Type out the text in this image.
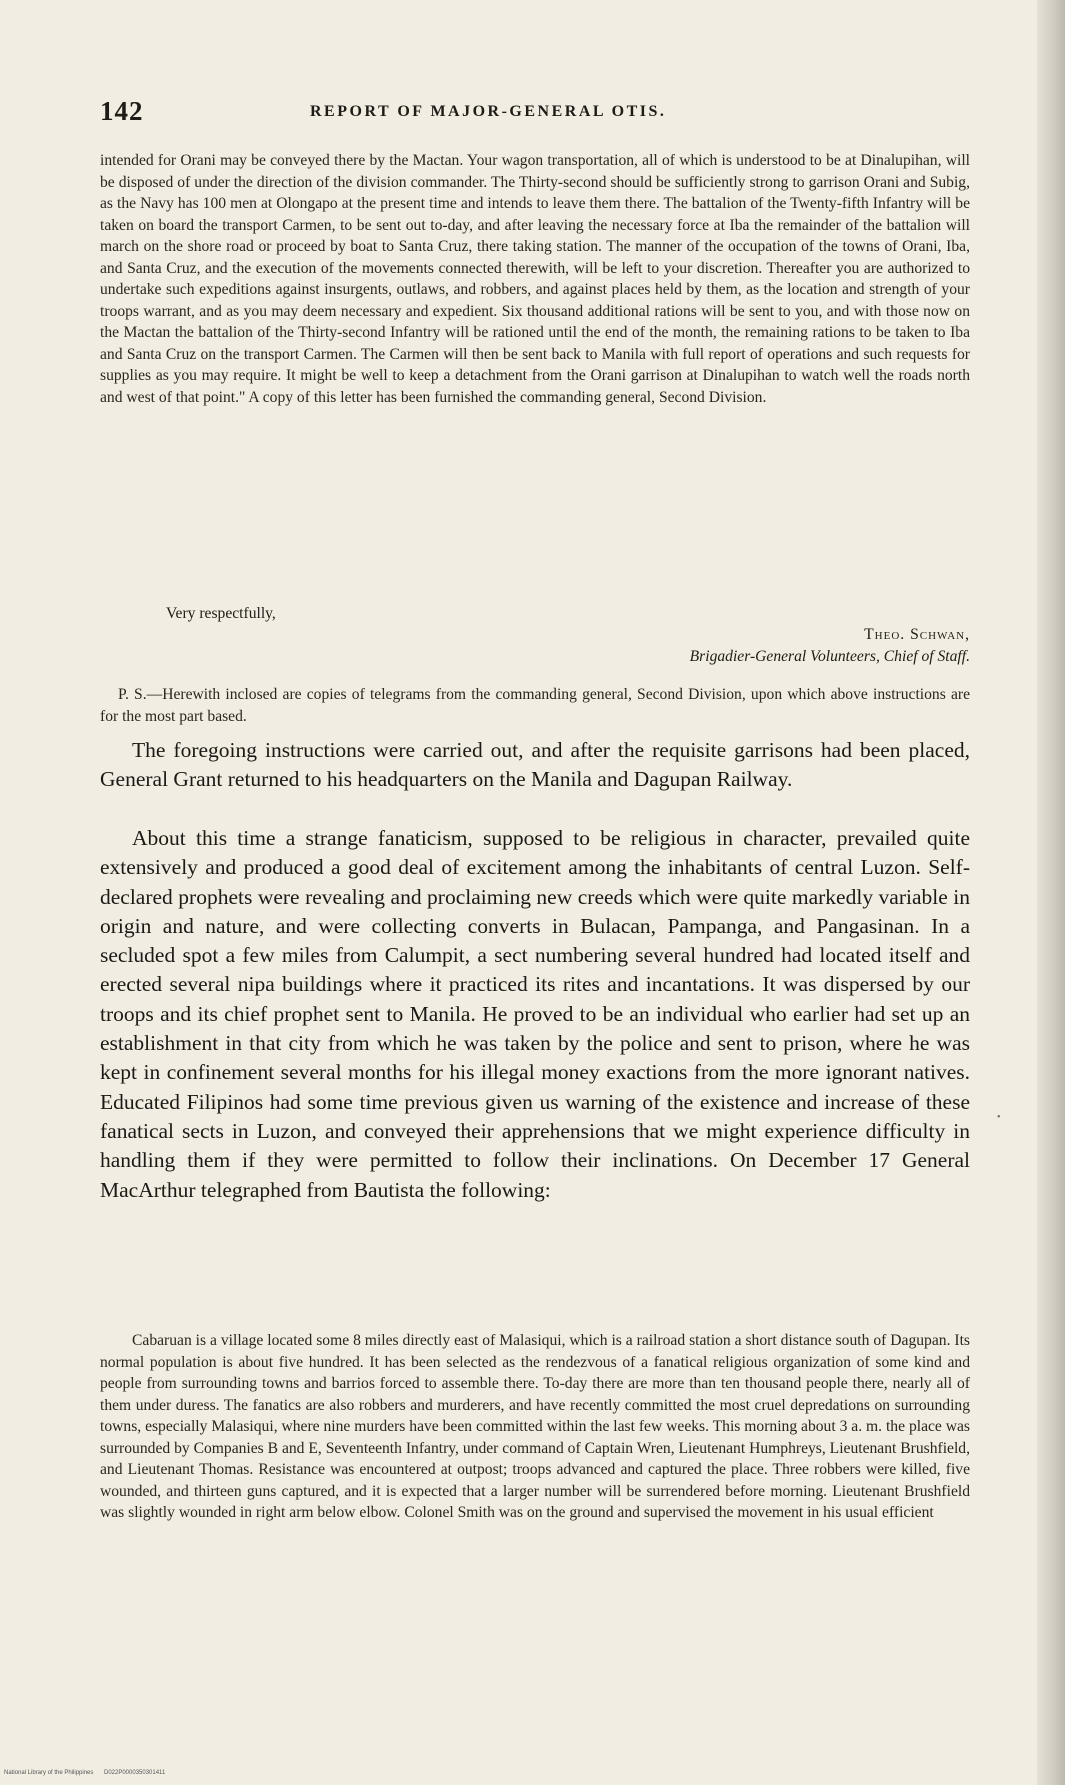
142	REPORT OF MAJOR-GENERAL OTIS.

intended for Orani may be conveyed there by the Mactan. Your wagon transportation, all of which is understood to be at Dinalupihan, will be disposed of under the direction of the division commander. The Thirty-second should be sufficiently strong to garrison Orani and Subig, as the Navy has 100 men at Olongapo at the present time and intends to leave them there. The battalion of the Twenty-fifth Infantry will be taken on board the transport Carmen, to be sent out to-day, and after leaving the necessary force at Iba the remainder of the battalion will march on the shore road or proceed by boat to Santa Cruz, there taking station. The manner of the occupation of the towns of Orani, Iba, and Santa Cruz, and the execution of the movements connected therewith, will be left to your discretion. Thereafter you are authorized to undertake such expeditions against insurgents, outlaws, and robbers, and against places held by them, as the location and strength of your troops warrant, and as you may deem necessary and expedient. Six thousand additional rations will be sent to you, and with those now on the Mactan the battalion of the Thirty-second Infantry will be rationed until the end of the month, the remaining rations to be taken to Iba and Santa Cruz on the transport Carmen. The Carmen will then be sent back to Manila with full report of operations and such requests for supplies as you may require. It might be well to keep a detachment from the Orani garrison at Dinalupihan to watch well the roads north and west of that point." A copy of this letter has been furnished the commanding general, Second Division.

Very respectfully,
Theo. Schwan,
Brigadier-General Volunteers, Chief of Staff.

P. S.—Herewith inclosed are copies of telegrams from the commanding general, Second Division, upon which above instructions are for the most part based.

The foregoing instructions were carried out, and after the requisite garrisons had been placed, General Grant returned to his headquarters on the Manila and Dagupan Railway.

About this time a strange fanaticism, supposed to be religious in character, prevailed quite extensively and produced a good deal of excitement among the inhabitants of central Luzon. Self-declared prophets were revealing and proclaiming new creeds which were quite markedly variable in origin and nature, and were collecting converts in Bulacan, Pampanga, and Pangasinan. In a secluded spot a few miles from Calumpit, a sect numbering several hundred had located itself and erected several nipa buildings where it practiced its rites and incantations. It was dispersed by our troops and its chief prophet sent to Manila. He proved to be an individual who earlier had set up an establishment in that city from which he was taken by the police and sent to prison, where he was kept in confinement several months for his illegal money exactions from the more ignorant natives. Educated Filipinos had some time previous given us warning of the existence and increase of these fanatical sects in Luzon, and conveyed their apprehensions that we might experience difficulty in handling them if they were permitted to follow their inclinations. On December 17 General MacArthur telegraphed from Bautista the following:

Cabaruan is a village located some 8 miles directly east of Malasiqui, which is a railroad station a short distance south of Dagupan. Its normal population is about five hundred. It has been selected as the rendezvous of a fanatical religious organization of some kind and people from surrounding towns and barrios forced to assemble there. To-day there are more than ten thousand people there, nearly all of them under duress. The fanatics are also robbers and murderers, and have recently committed the most cruel depredations on surrounding towns, especially Malasiqui, where nine murders have been committed within the last few weeks. This morning about 3 a. m. the place was surrounded by Companies B and E, Seventeenth Infantry, under command of Captain Wren, Lieutenant Humphreys, Lieutenant Brushfield, and Lieutenant Thomas. Resistance was encountered at outpost; troops advanced and captured the place. Three robbers were killed, five wounded, and thirteen guns captured, and it is expected that a larger number will be surrendered before morning. Lieutenant Brushfield was slightly wounded in right arm below elbow. Colonel Smith was on the ground and supervised the movement in his usual efficient

•
National Library of the Philippines D022P0000350301411
